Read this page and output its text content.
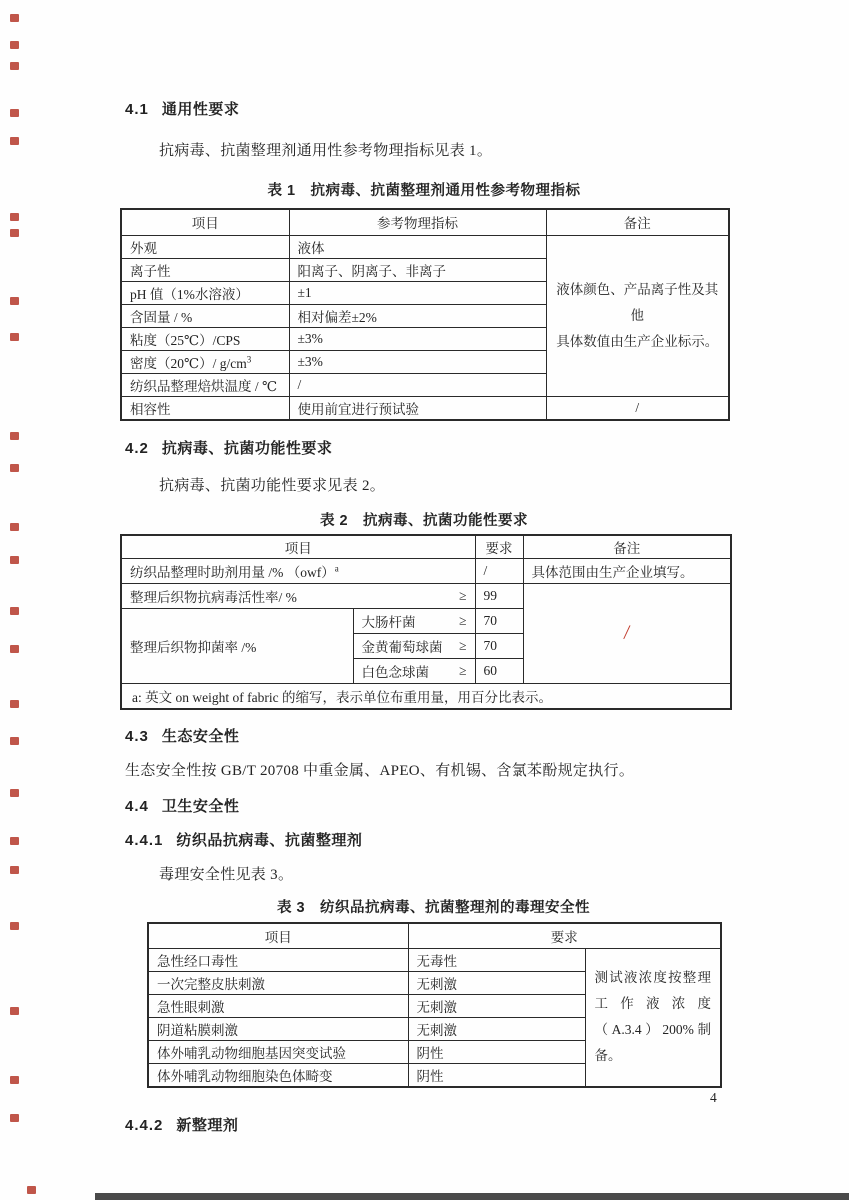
4.1 通用性要求

抗病毒、抗菌整理剂通用性参考物理指标见表 1。

表 1　抗病毒、抗菌整理剂通用性参考物理指标

项目	参考物理指标	备注
外观	液体	液体颜色、产品离子性及其他
具体数值由生产企业标示。

离子性	阳离子、阴离子、非离子	
pH 值（1%水溶液）	±1	
含固量 / %	相对偏差±2%	
粘度（25℃）/CPS	±3%	
密度（20℃）/ $g/cm^3$	±3%	
纺织品整理焙烘温度 / ℃	/	
相容性	使用前宜进行预试验	/
4.2 抗病毒、抗菌功能性要求

抗病毒、抗菌功能性要求见表 2。

表 2　抗病毒、抗菌功能性要求

项目		要求	备注
纺织品整理时助剂用量 /% （owf）$^a$		/	具体范围由生产企业填写。

整理后织物抗病毒活性率/ % ≥		99	/
整理后织物抑菌率 /%	大肠杆菌 ≥	70	

	金黄葡萄球菌 ≥	70	

	白色念球菌 ≥	60	
a: 英文 on weight of fabric 的缩写，表示单位布重用量，用百分比表示。			
4.3 生态安全性

生态安全性按 GB/T 20708 中重金属、APEO、有机锡、含氯苯酚规定执行。

4.4 卫生安全性
4.4.1 纺织品抗病毒、抗菌整理剂

毒理安全性见表 3。

表 3　纺织品抗病毒、抗菌整理剂的毒理安全性

项目	要求	
急性经口毒性	无毒性	测试液浓度按整理工作液浓度（A.3.4）200%制备。
一次完整皮肤刺激	无刺激	
急性眼刺激	无刺激	
阴道粘膜刺激	无刺激	
体外哺乳动物细胞基因突变试验	阴性	
体外哺乳动物细胞染色体畸变	阴性	
4.4.2 新整理剂
4
